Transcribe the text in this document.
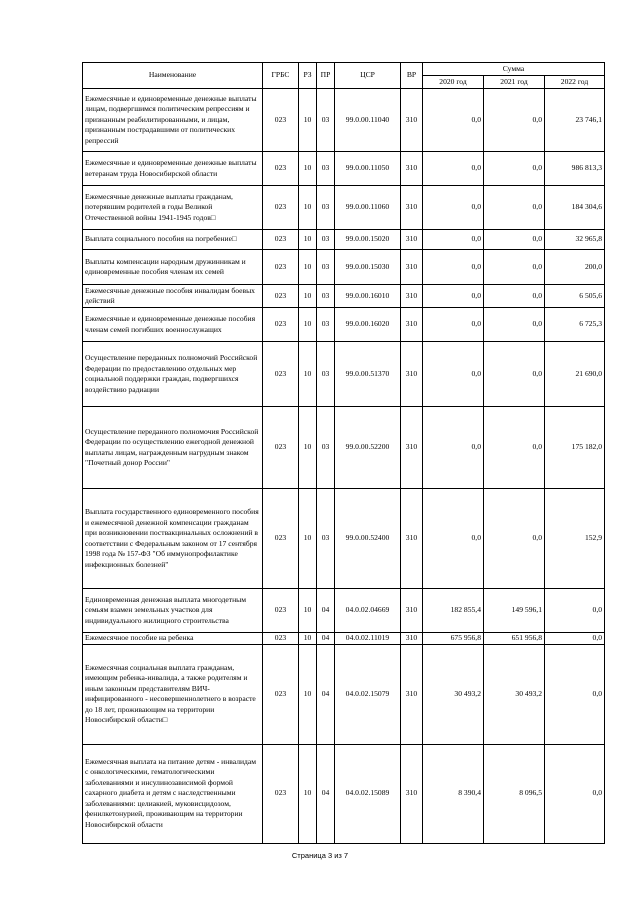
Наименование	ГРБС	РЗ	ПР	ЦСР	ВР	Сумма		
						2020 год	2021 год	2022 год
Ежемесячные и единовременные денежные выплаты лицам, подвергшимся политическим репрессиям и признанным реабилитированными, и лицам, признанным пострадавшими от политических репрессий	023	10	03	99.0.00.11040	310	0,0	0,0	23 746,1
Ежемесячные и единовременные денежные выплаты ветеранам труда Новосибирской области	023	10	03	99.0.00.11050	310	0,0	0,0	986 813,3
Ежемесячные денежные выплаты гражданам, потерявшим родителей в годы Великой Отечественной войны 1941-1945 годов□	023	10	03	99.0.00.11060	310	0,0	0,0	184 304,6
Выплата социального пособия на погребение□	023	10	03	99.0.00.15020	310	0,0	0,0	32 965,8
Выплаты компенсации народным дружинникам и единовременные пособия членам их семей	023	10	03	99.0.00.15030	310	0,0	0,0	200,0
Ежемесячные денежные пособия инвалидам боевых действий	023	10	03	99.0.00.16010	310	0,0	0,0	6 505,6
Ежемесячные и единовременные денежные пособия членам семей погибших военнослужащих	023	10	03	99.0.00.16020	310	0,0	0,0	6 725,3
Осуществление переданных полномочий Российской Федерации по предоставлению отдельных мер социальной поддержки граждан, подвергшихся воздействию радиации	023	10	03	99.0.00.51370	310	0,0	0,0	21 690,0
Осуществление переданного полномочия Российской Федерации по осуществлению ежегодной денежной выплаты лицам, награжденным нагрудным знаком "Почетный донор России"	023	10	03	99.0.00.52200	310	0,0	0,0	175 182,0
Выплата государственного единовременного пособия и ежемесячной денежной компенсации гражданам при возникновении поствакцинальных осложнений в соответствии с Федеральным законом от 17 сентября 1998 года № 157-ФЗ "Об иммунопрофилактике инфекционных болезней"	023	10	03	99.0.00.52400	310	0,0	0,0	152,9
Единовременная денежная выплата многодетным семьям взамен земельных участков для индивидуального жилищного строительства	023	10	04	04.0.02.04669	310	182 855,4	149 596,1	0,0
Ежемесячное пособие на ребенка	023	10	04	04.0.02.11019	310	675 956,8	651 956,8	0,0
Ежемесячная социальная выплата гражданам, имеющим ребенка-инвалида, а также родителям и иным законным представителям ВИЧ-инфицированного - несовершеннолетнего в возрасте до 18 лет, проживающим на территории Новосибирской области□	023	10	04	04.0.02.15079	310	30 493,2	30 493,2	0,0
Ежемесячная выплата на питание детям - инвалидам с онкологическими, гематологическими заболеваниями и инсулинозависимой формой сахарного диабета и детям с наследственными заболеваниями: целиакией, муковисцидозом, фенилкетонурией, проживающим на территории Новосибирской области	023	10	04	04.0.02.15089	310	8 390,4	8 096,5	0,0
Страница 3 из 7
